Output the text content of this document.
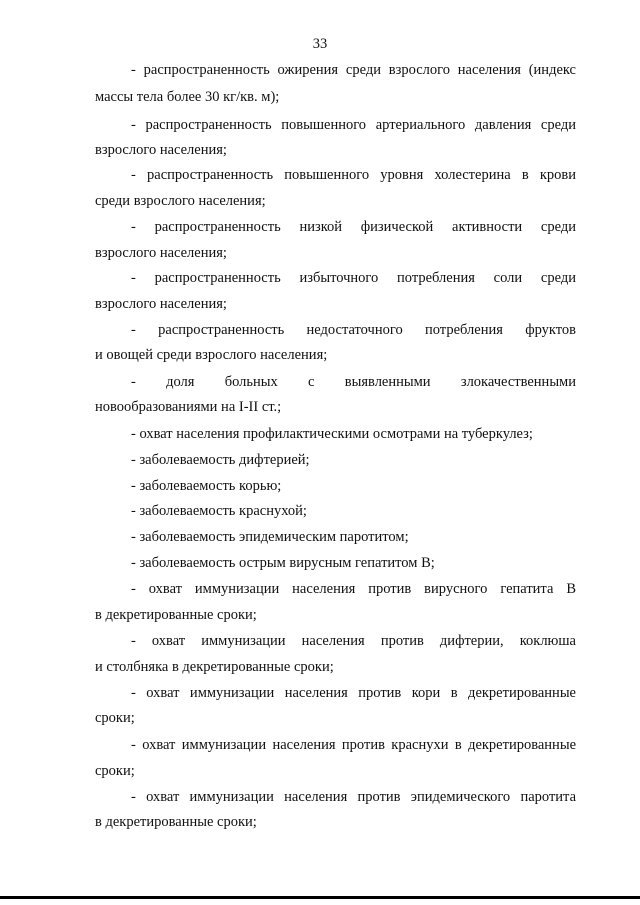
33
- распространенность ожирения среди взрослого населения (индекс
массы тела более 30 кг/кв. м);
- распространенность повышенного артериального давления среди
взрослого населения;
- распространенность повышенного уровня холестерина в крови
среди взрослого населения;
- распространенность низкой физической активности среди
взрослого населения;
- распространенность избыточного потребления соли среди
взрослого населения;
- распространенность недостаточного потребления фруктов
и овощей среди взрослого населения;
- доля больных с выявленными злокачественными
новообразованиями на I-II ст.;
- охват населения профилактическими осмотрами на туберкулез;
- заболеваемость дифтерией;
- заболеваемость корью;
- заболеваемость краснухой;
- заболеваемость эпидемическим паротитом;
- заболеваемость острым вирусным гепатитом В;
- охват иммунизации населения против вирусного гепатита В
в декретированные сроки;
- охват иммунизации населения против дифтерии, коклюша
и столбняка в декретированные сроки;
- охват иммунизации населения против кори в декретированные
сроки;
- охват иммунизации населения против краснухи в декретированные
сроки;
- охват иммунизации населения против эпидемического паротита
в декретированные сроки;
